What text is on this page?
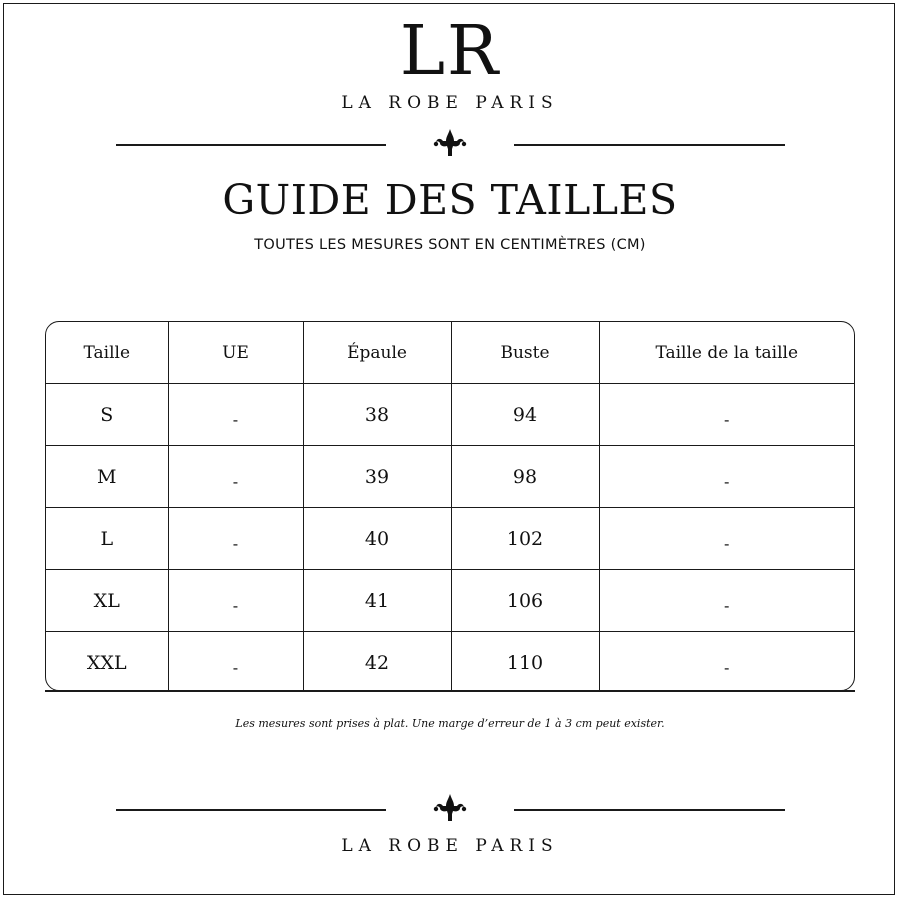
LR
LA ROBE PARIS
GUIDE DES TAILLES
TOUTES LES MESURES SONT EN CENTIMÈTRES (CM)
Taille	UE	Épaule	Buste	Taille de la taille
S	$_-$	38	94	$_-$
M	$_-$	39	98	$_-$
L	$_-$	40	102	$_-$
XL	$_-$	41	106	$_-$
XXL	$_-$	42	110	$_-$
Les mesures sont prises à plat. Une marge d’erreur de 1 à 3 cm peut exister.
LA ROBE PARIS
